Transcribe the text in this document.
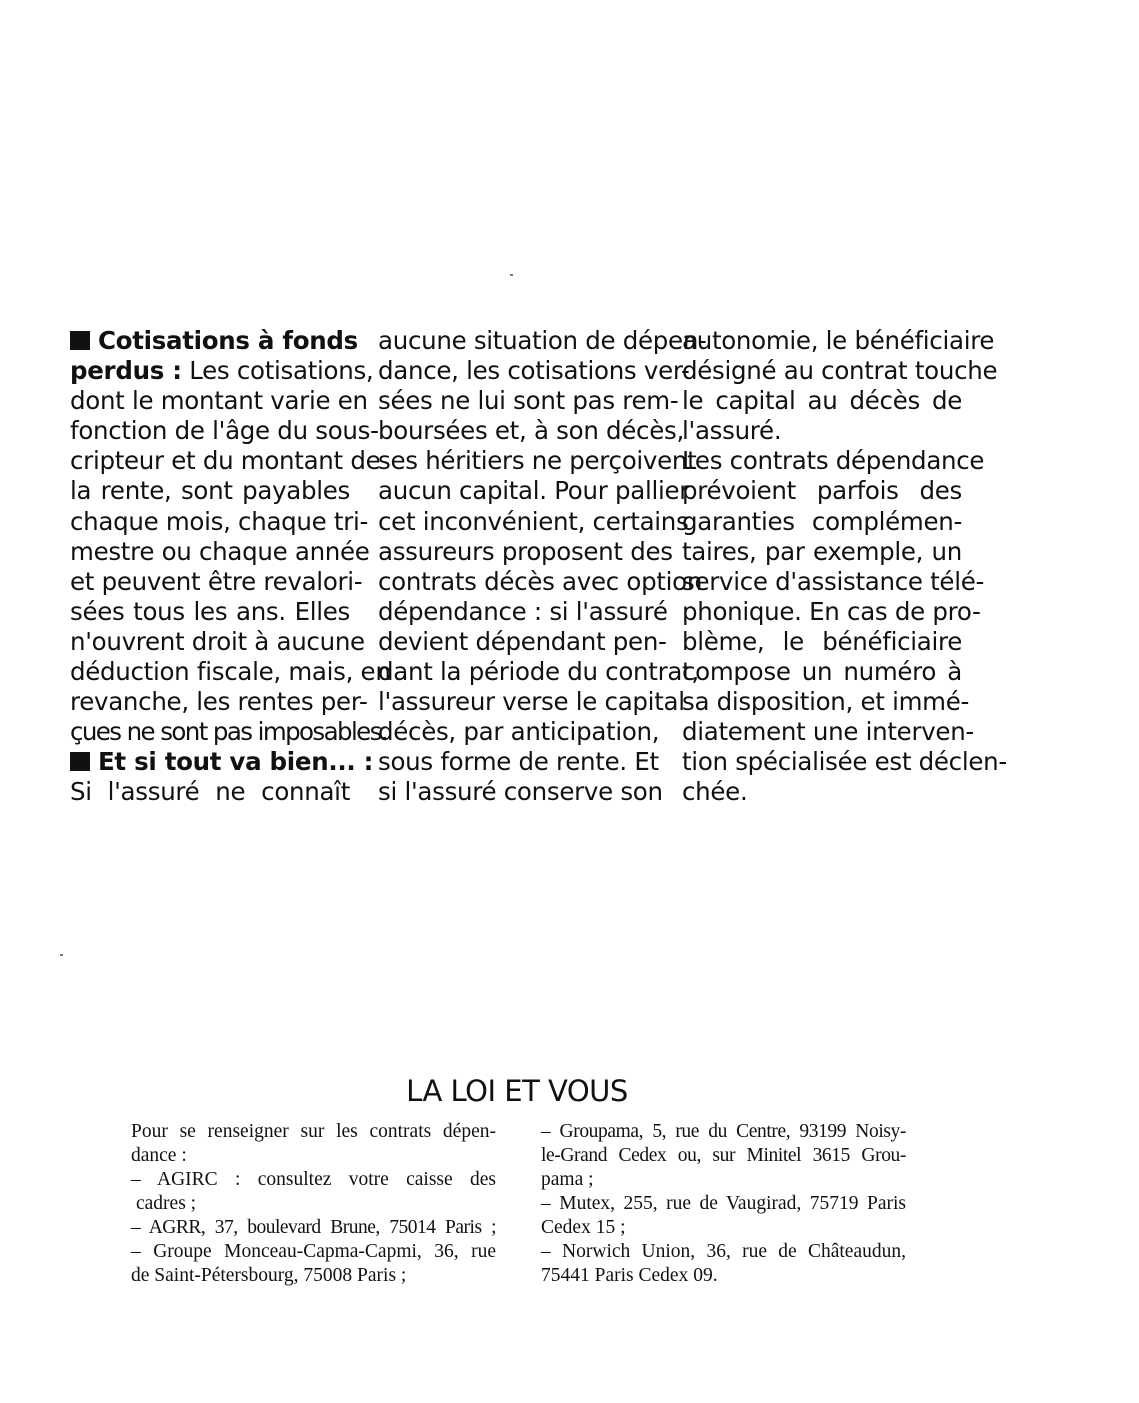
Cotisations à fonds
perdus : Les cotisations,
dont le montant varie en
fonction de l'âge du sous-
cripteur et du montant de
la rente, sont payables
chaque mois, chaque tri-
mestre ou chaque année
et peuvent être revalori-
sées tous les ans. Elles
n'ouvrent droit à aucune
déduction fiscale, mais, en
revanche, les rentes per-
çues ne sont pas imposables.
Et si tout va bien... :
Si l'assuré ne connaît
aucune situation de dépen-
dance, les cotisations ver-
sées ne lui sont pas rem-
boursées et, à son décès,
ses héritiers ne perçoivent
aucun capital. Pour pallier
cet inconvénient, certains
assureurs proposent des
contrats décès avec option
dépendance : si l'assuré
devient dépendant pen-
dant la période du contrat,
l'assureur verse le capital
décès, par anticipation,
sous forme de rente. Et
si l'assuré conserve son
autonomie, le bénéficiaire
désigné au contrat touche
le capital au décès de
l'assuré.
Les contrats dépendance
prévoient parfois des
garanties complémen-
taires, par exemple, un
service d'assistance télé-
phonique. En cas de pro-
blème, le bénéficiaire
compose un numéro à
sa disposition, et immé-
diatement une interven-
tion spécialisée est déclen-
chée.
LA LOI ET VOUS
Pour se renseigner sur les contrats dépen-
dance :
– AGIRC : consultez votre caisse des
cadres ;
– AGRR, 37, boulevard Brune, 75014 Paris ;
– Groupe Monceau-Capma-Capmi, 36, rue
de Saint-Pétersbourg, 75008 Paris ;
– Groupama, 5, rue du Centre, 93199 Noisy-
le-Grand Cedex ou, sur Minitel 3615 Grou-
pama ;
– Mutex, 255, rue de Vaugirad, 75719 Paris
Cedex 15 ;
– Norwich Union, 36, rue de Châteaudun,
75441 Paris Cedex 09.
